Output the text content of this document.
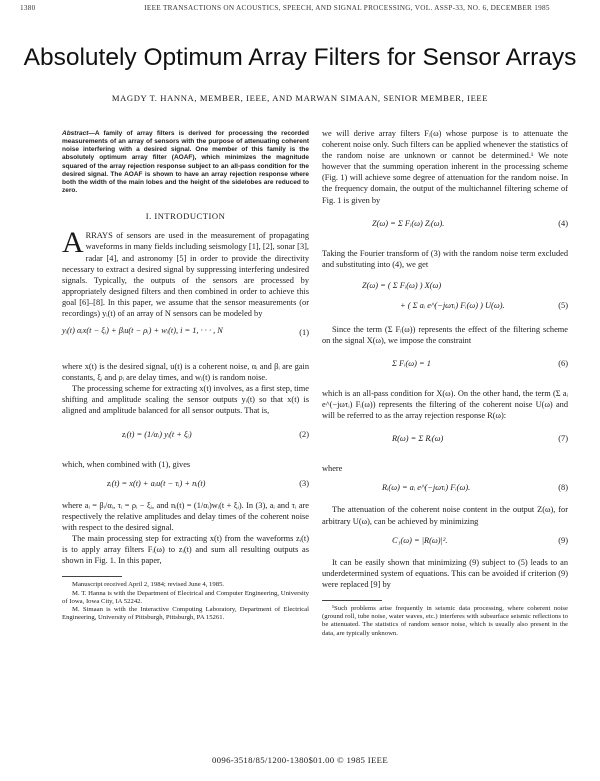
1380	IEEE TRANSACTIONS ON ACOUSTICS, SPEECH, AND SIGNAL PROCESSING, VOL. ASSP-33, NO. 6, DECEMBER 1985
Absolutely Optimum Array Filters for Sensor Arrays
MAGDY T. HANNA, MEMBER, IEEE, AND MARWAN SIMAAN, SENIOR MEMBER, IEEE

Abstract—A family of array filters is derived for processing the recorded measurements of an array of sensors with the purpose of attenuating coherent noise interfering with a desired signal. One member of this family is the absolutely optimum array filter (AOAF), which minimizes the magnitude squared of the array rejection response subject to an all-pass condition for the desired signal. The AOAF is shown to have an array rejection response where both the width of the main lobes and the height of the sidelobes are reduced to zero.

I. INTRODUCTION

ARRAYS of sensors are used in the measurement of propagating waveforms in many fields including seismology [1], [2], sonar [3], radar [4], and astronomy [5] in order to provide the directivity necessary to extract a desired signal by suppressing interfering undesired signals. Typically, the outputs of the sensors are processed by appropriately designed filters and then combined in order to achieve this goal [6]–[8]. In this paper, we assume that the sensor measurements (or recordings) yᵢ(t) of an array of N sensors can be modeled by

yᵢ(t) αᵢx(t − ξᵢ) + βᵢu(t − ρᵢ) + wᵢ(t), i = 1, · · · , N	(1)

where x(t) is the desired signal, u(t) is a coherent noise, αᵢ and βᵢ are gain constants, ξᵢ and ρᵢ are delay times, and wᵢ(t) is random noise.

The processing scheme for extracting x(t) involves, as a first step, time shifting and amplitude scaling the sensor outputs yᵢ(t) so that x(t) is aligned and amplitude balanced for all sensor outputs. That is,

zᵢ(t) = (1/αᵢ) yᵢ(t + ξᵢ)	(2)

which, when combined with (1), gives

zᵢ(t) = x(t) + aᵢu(t − τᵢ) + nᵢ(t)	(3)

where aᵢ = βᵢ/αᵢ, τᵢ = ρᵢ − ξᵢ, and nᵢ(t) = (1/αᵢ)wᵢ(t + ξᵢ). In (3), aᵢ and τᵢ are respectively the relative amplitudes and delay times of the coherent noise with respect to the desired signal.

The main processing step for extracting x(t) from the waveforms zᵢ(t) is to apply array filters Fᵢ(ω) to zᵢ(t) and sum all resulting outputs as shown in Fig. 1. In this paper,

Manuscript received April 2, 1984; revised June 4, 1985.

M. T. Hanna is with the Department of Electrical and Computer Engineering, University of Iowa, Iowa City, IA 52242.

M. Simaan is with the Interactive Computing Laboratory, Department of Electrical Engineering, University of Pittsburgh, Pittsburgh, PA 15261.

we will derive array filters Fᵢ(ω) whose purpose is to attenuate the coherent noise only. Such filters can be applied whenever the statistics of the random noise are unknown or cannot be determined.¹ We note however that the summing operation inherent in the processing scheme (Fig. 1) will achieve some degree of attenuation for the random noise. In the frequency domain, the output of the multichannel filtering scheme of Fig. 1 is given by

Z(ω) = Σ Fᵢ(ω) Zᵢ(ω).	(4)

Taking the Fourier transform of (3) with the random noise term excluded and substituting into (4), we get

Z(ω) = ( Σ Fᵢ(ω) ) X(ω)
+ ( Σ aᵢ e^(−jωτᵢ) Fᵢ(ω) ) U(ω).	(5)

Since the term (Σ Fᵢ(ω)) represents the effect of the filtering scheme on the signal X(ω), we impose the constraint

Σ Fᵢ(ω) = 1	(6)

which is an all-pass condition for X(ω). On the other hand, the term (Σ aᵢ e^(−jωτᵢ) Fᵢ(ω)) represents the filtering of the coherent noise U(ω) and will be referred to as the array rejection response R(ω):

R(ω) = Σ Rᵢ(ω)	(7)

where

Rᵢ(ω) = aᵢ e^(−jωτᵢ) Fᵢ(ω).	(8)

The attenuation of the coherent noise content in the output Z(ω), for arbitrary U(ω), can be achieved by minimizing

C₁(ω) = |R(ω)|².	(9)

It can be easily shown that minimizing (9) subject to (5) leads to an underdetermined system of equations. This can be avoided if criterion (9) were replaced [9] by

¹Such problems arise frequently in seismic data processing, where coherent noise (ground roll, tube noise, water waves, etc.) interferes with subsurface seismic reflections to be attenuated. The statistics of random sensor noise, which is usually also present in the data, are typically unknown.

0096-3518/85/1200-1380$01.00 © 1985 IEEE
